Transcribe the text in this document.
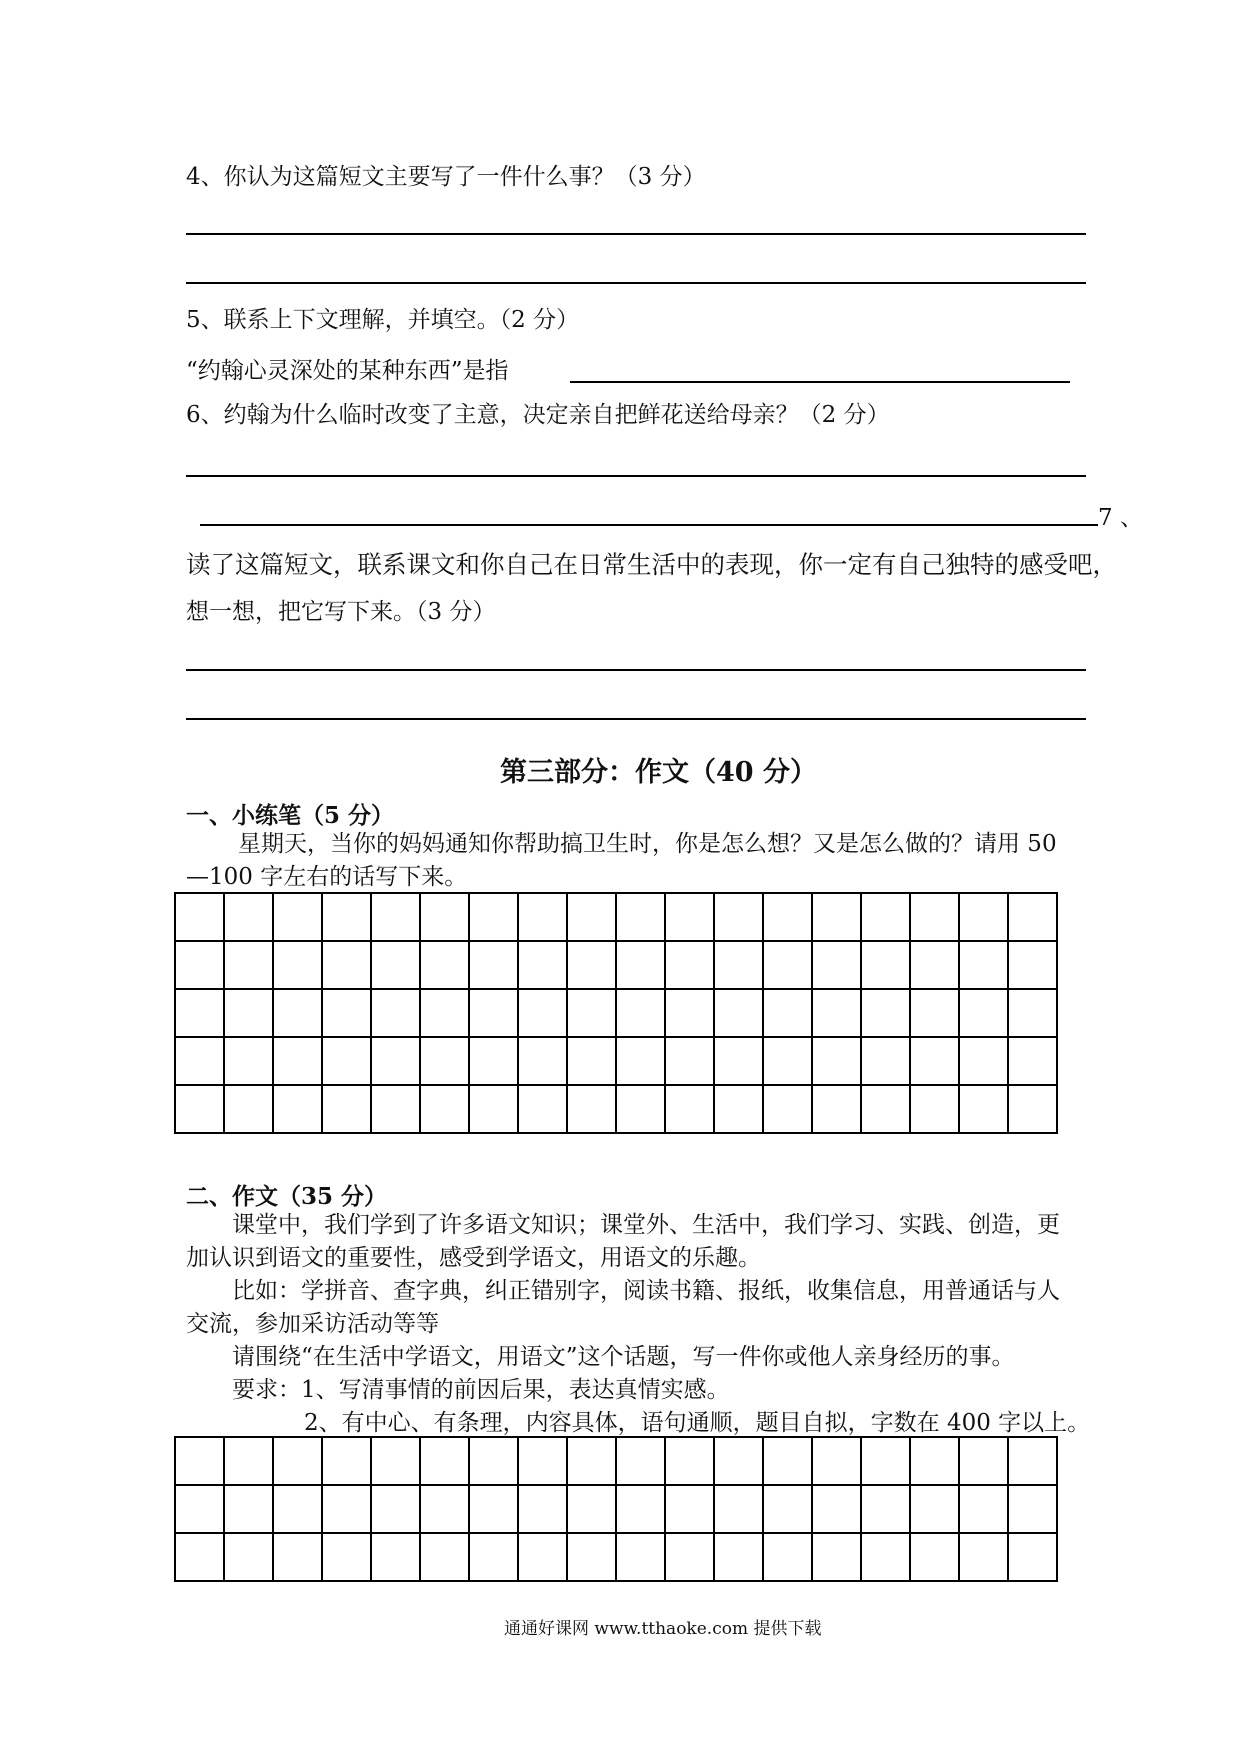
4、你认为这篇短文主要写了一件什么事？（3 分）
5、联系上下文理解，并填空。（2 分）
“约翰心灵深处的某种东西”是指
6、约翰为什么临时改变了主意，决定亲自把鲜花送给母亲？（2 分）
7 、
读了这篇短文，联系课文和你自己在日常生活中的表现，你一定有自己独特的感受吧，
想一想，把它写下来。（3 分）
第三部分：作文（40 分）
一、小练笔（5 分）
星期天，当你的妈妈通知你帮助搞卫生时，你是怎么想？又是怎么做的？请用 50
—100 字左右的话写下来。

二、作文（35 分）
课堂中，我们学到了许多语文知识；课堂外、生活中，我们学习、实践、创造，更
加认识到语文的重要性，感受到学语文，用语文的乐趣。
比如：学拼音、查字典，纠正错别字，阅读书籍、报纸，收集信息，用普通话与人
交流，参加采访活动等等
请围绕“在生活中学语文，用语文”这个话题，写一件你或他人亲身经历的事。
要求：1、写清事情的前因后果，表达真情实感。
2、有中心、有条理，内容具体，语句通顺，题目自拟，字数在 400 字以上。

通通好课网 www.tthaoke.com 提供下载
